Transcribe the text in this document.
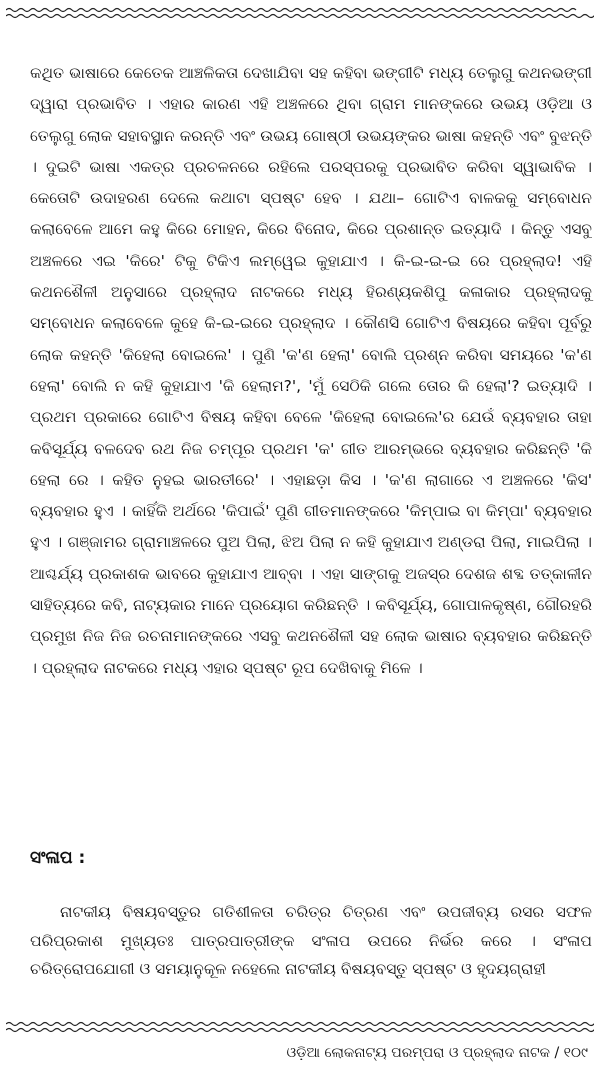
କଥିତ ଭାଷାରେ କେତେକ ଆଞ୍ଚଳିକତା ଦେଖାଯିବା ସହ କହିବା ଭଙ୍ଗୀଟି ମଧ୍ୟ ତେଲୁଗୁ କଥନଭଙ୍ଗୀ ଦ୍ୱାରା ପ୍ରଭାବିତ । ଏହାର କାରଣ ଏହି ଅଞ୍ଚଳରେ ଥିବା ଗ୍ରାମ ମାନଙ୍କରେ ଉଭୟ ଓଡ଼ିଆ ଓ ତେଲୁଗୁ ଲୋକ ସହାବସ୍ଥାନ କରନ୍ତି ଏବଂ ଉଭୟ ଗୋଷ୍ଠୀ ଉଭୟଙ୍କର ଭାଷା କହନ୍ତି ଏବଂ ବୁଝନ୍ତି । ଦୁଇଟି ଭାଷା ଏକତ୍ର ପ୍ରଚଳନରେ ରହିଲେ ପରସ୍ପରକୁ ପ୍ରଭାବିତ କରିବା ସ୍ୱାଭାବିକ । କେତୋଟି ଉଦାହରଣ ଦେଲେ କଥାଟା ସ୍ପଷ୍ଟ ହେବ । ଯଥା– ଗୋଟିଏ ବାଳକକୁ ସମ୍ବୋଧନ କଲାବେଳେ ଆମେ କହୁ କିରେ ମୋହନ, କିରେ ବିନୋଦ, କିରେ ପ୍ରଶାନ୍ତ ଇତ୍ୟାଦି । କିନ୍ତୁ ଏସବୁ ଅଞ୍ଚଳରେ ଏଇ 'କିରେ' ଟିକୁ ଟିକିଏ ଲମ୍ୱେଇ କୁହାଯାଏ । କି-ଇ-ଇ-ଇ ରେ ପ୍ରହ୍ଲାଦ! ଏହି କଥନଶୈଳୀ ଅନୁସାରେ ପ୍ରହ୍ଲାଦ ନାଟକରେ ମଧ୍ୟ ହିରଣ୍ୟକଶିପୁ କଳାକାର ପ୍ରହ୍ଲାଦକୁ ସମ୍ବୋଧନ କଲାବେଳେ କୁହେ କି-ଇ-ଇରେ ପ୍ରହ୍ଲାଦ । କୌଣସି ଗୋଟିଏ ବିଷୟରେ କହିବା ପୂର୍ବରୁ ଲୋକ କହନ୍ତି 'କିହେଲା ବୋଇଲେ' । ପୁଣି 'କ'ଣ ହେଲା' ବୋଲି ପ୍ରଶ୍ନ କରିବା ସମୟରେ 'କ'ଣ ହେଲା' ବୋଲି ନ କହି କୁହାଯାଏ 'କି ହେଲାମ?', 'ମୁଁ ସେଠିକି ଗଲେ ତୋର କି ହେଲା'? ଇତ୍ୟାଦି । ପ୍ରଥମ ପ୍ରକାରେ ଗୋଟିଏ ବିଷୟ କହିବା ବେଳେ 'କିହେଲା ବୋଇଲେ'ର ଯେଉଁ ବ୍ୟବହାର ତାହା କବିସୂର୍ଯ୍ୟ ବଳଦେବ ରଥ ନିଜ ଚମ୍ପୂର ପ୍ରଥମ 'କ' ଗୀତ ଆରମ୍ଭରେ ବ୍ୟବହାର କରିଛନ୍ତି 'କି ହେଲା ରେ । କହିତ ନୁହଇ ଭାରତୀରେ' । ଏହାଛଡ଼ା କିସ । 'କ'ଣ ଲାଗାରେ ଏ ଅଞ୍ଚଳରେ 'କିସ' ବ୍ୟବହାର ହୁଏ । କାହିଁକି ଅର୍ଥରେ 'କିପାଇଁ' ପୁଣି ଗୀତମାନଙ୍କରେ 'କିମ୍ପାଇ ବା କିମ୍ପା' ବ୍ୟବହାର ହୁଏ । ଗଞ୍ଜାମର ଗ୍ରାମାଞ୍ଚଳରେ ପୁଅ ପିଲା, ଝିଅ ପିଲା ନ କହି କୁହାଯାଏ ଅଣ୍ଡରା ପିଲା, ମାଇପିଲା । ଆଶ୍ଚର୍ଯ୍ୟ ପ୍ରକାଶକ ଭାବରେ କୁହାଯାଏ ଆବ୍ବା । ଏହା ସାଙ୍ଗକୁ ଅଜସ୍ର ଦେଶଜ ଶବ୍ଦ ତତ୍‌କାଳୀନ ସାହିତ୍ୟରେ କବି, ନାଟ୍ୟକାର ମାନେ ପ୍ରୟୋଗ କରିଛନ୍ତି । କବିସୂର୍ଯ୍ୟ, ଗୋପାଳକୃଷ୍ଣ, ଗୌରହରି ପ୍ରମୁଖ ନିଜ ନିଜ ରଚନାମାନଙ୍କରେ ଏସବୁ କଥନଶୈଳୀ ସହ ଲୋକ ଭାଷାର ବ୍ୟବହାର କରିଛନ୍ତି । ପ୍ରହ୍ଲାଦ ନାଟକରେ ମଧ୍ୟ ଏହାର ସ୍ପଷ୍ଟ ରୂପ ଦେଖିବାକୁ ମିଳେ ।

ସଂଳାପ :

ନାଟକୀୟ ବିଷୟବସ୍ତୁର ଗତିଶୀଳତା ଚରିତ୍ର ଚିତ୍ରଣ ଏବଂ ଉପଜୀବ୍ୟ ରସର ସଫଳ ପରିପ୍ରକାଶ ମୁଖ୍ୟତଃ ପାତ୍ରପାତ୍ରୀଙ୍କ ସଂଳାପ ଉପରେ ନିର୍ଭର କରେ । ସଂଳାପ ଚରିତ୍ରୋପଯୋଗୀ ଓ ସମୟାନୁକୂଳ ନହେଲେ ନାଟକୀୟ ବିଷୟବସ୍ତୁ ସ୍ପଷ୍ଟ ଓ ହୃଦୟଗ୍ରାହୀ

ଓଡ଼ିଆ ଲୋକନାଟ୍ୟ ପରମ୍ପରା ଓ ପ୍ରହ୍ଲାଦ ନାଟକ / ୧୦୯
